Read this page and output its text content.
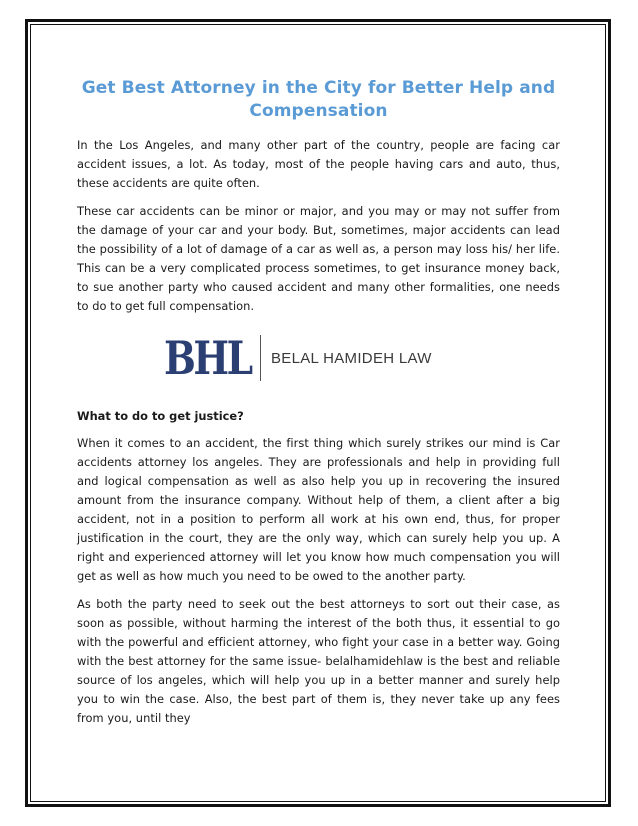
Get Best Attorney in the City for Better Help and Compensation

In the Los Angeles, and many other part of the country, people are facing car accident issues, a lot. As today, most of the people having cars and auto, thus, these accidents are quite often.

These car accidents can be minor or major, and you may or may not suffer from the damage of your car and your body. But, sometimes, major accidents can lead the possibility of a lot of damage of a car as well as, a person may loss his/ her life. This can be a very complicated process sometimes, to get insurance money back, to sue another party who caused accident and many other formalities, one needs to do to get full compensation.

BHL BELAL HAMIDEH LAW
What to do to get justice?

When it comes to an accident, the first thing which surely strikes our mind is Car accidents attorney los angeles. They are professionals and help in providing full and logical compensation as well as also help you up in recovering the insured amount from the insurance company. Without help of them, a client after a big accident, not in a position to perform all work at his own end, thus, for proper justification in the court, they are the only way, which can surely help you up. A right and experienced attorney will let you know how much compensation you will get as well as how much you need to be owed to the another party.

As both the party need to seek out the best attorneys to sort out their case, as soon as possible, without harming the interest of the both thus, it essential to go with the powerful and efficient attorney, who fight your case in a better way. Going with the best attorney for the same issue- belalhamidehlaw is the best and reliable source of los angeles, which will help you up in a better manner and surely help you to win the case. Also, the best part of them is, they never take up any fees from you, until they
